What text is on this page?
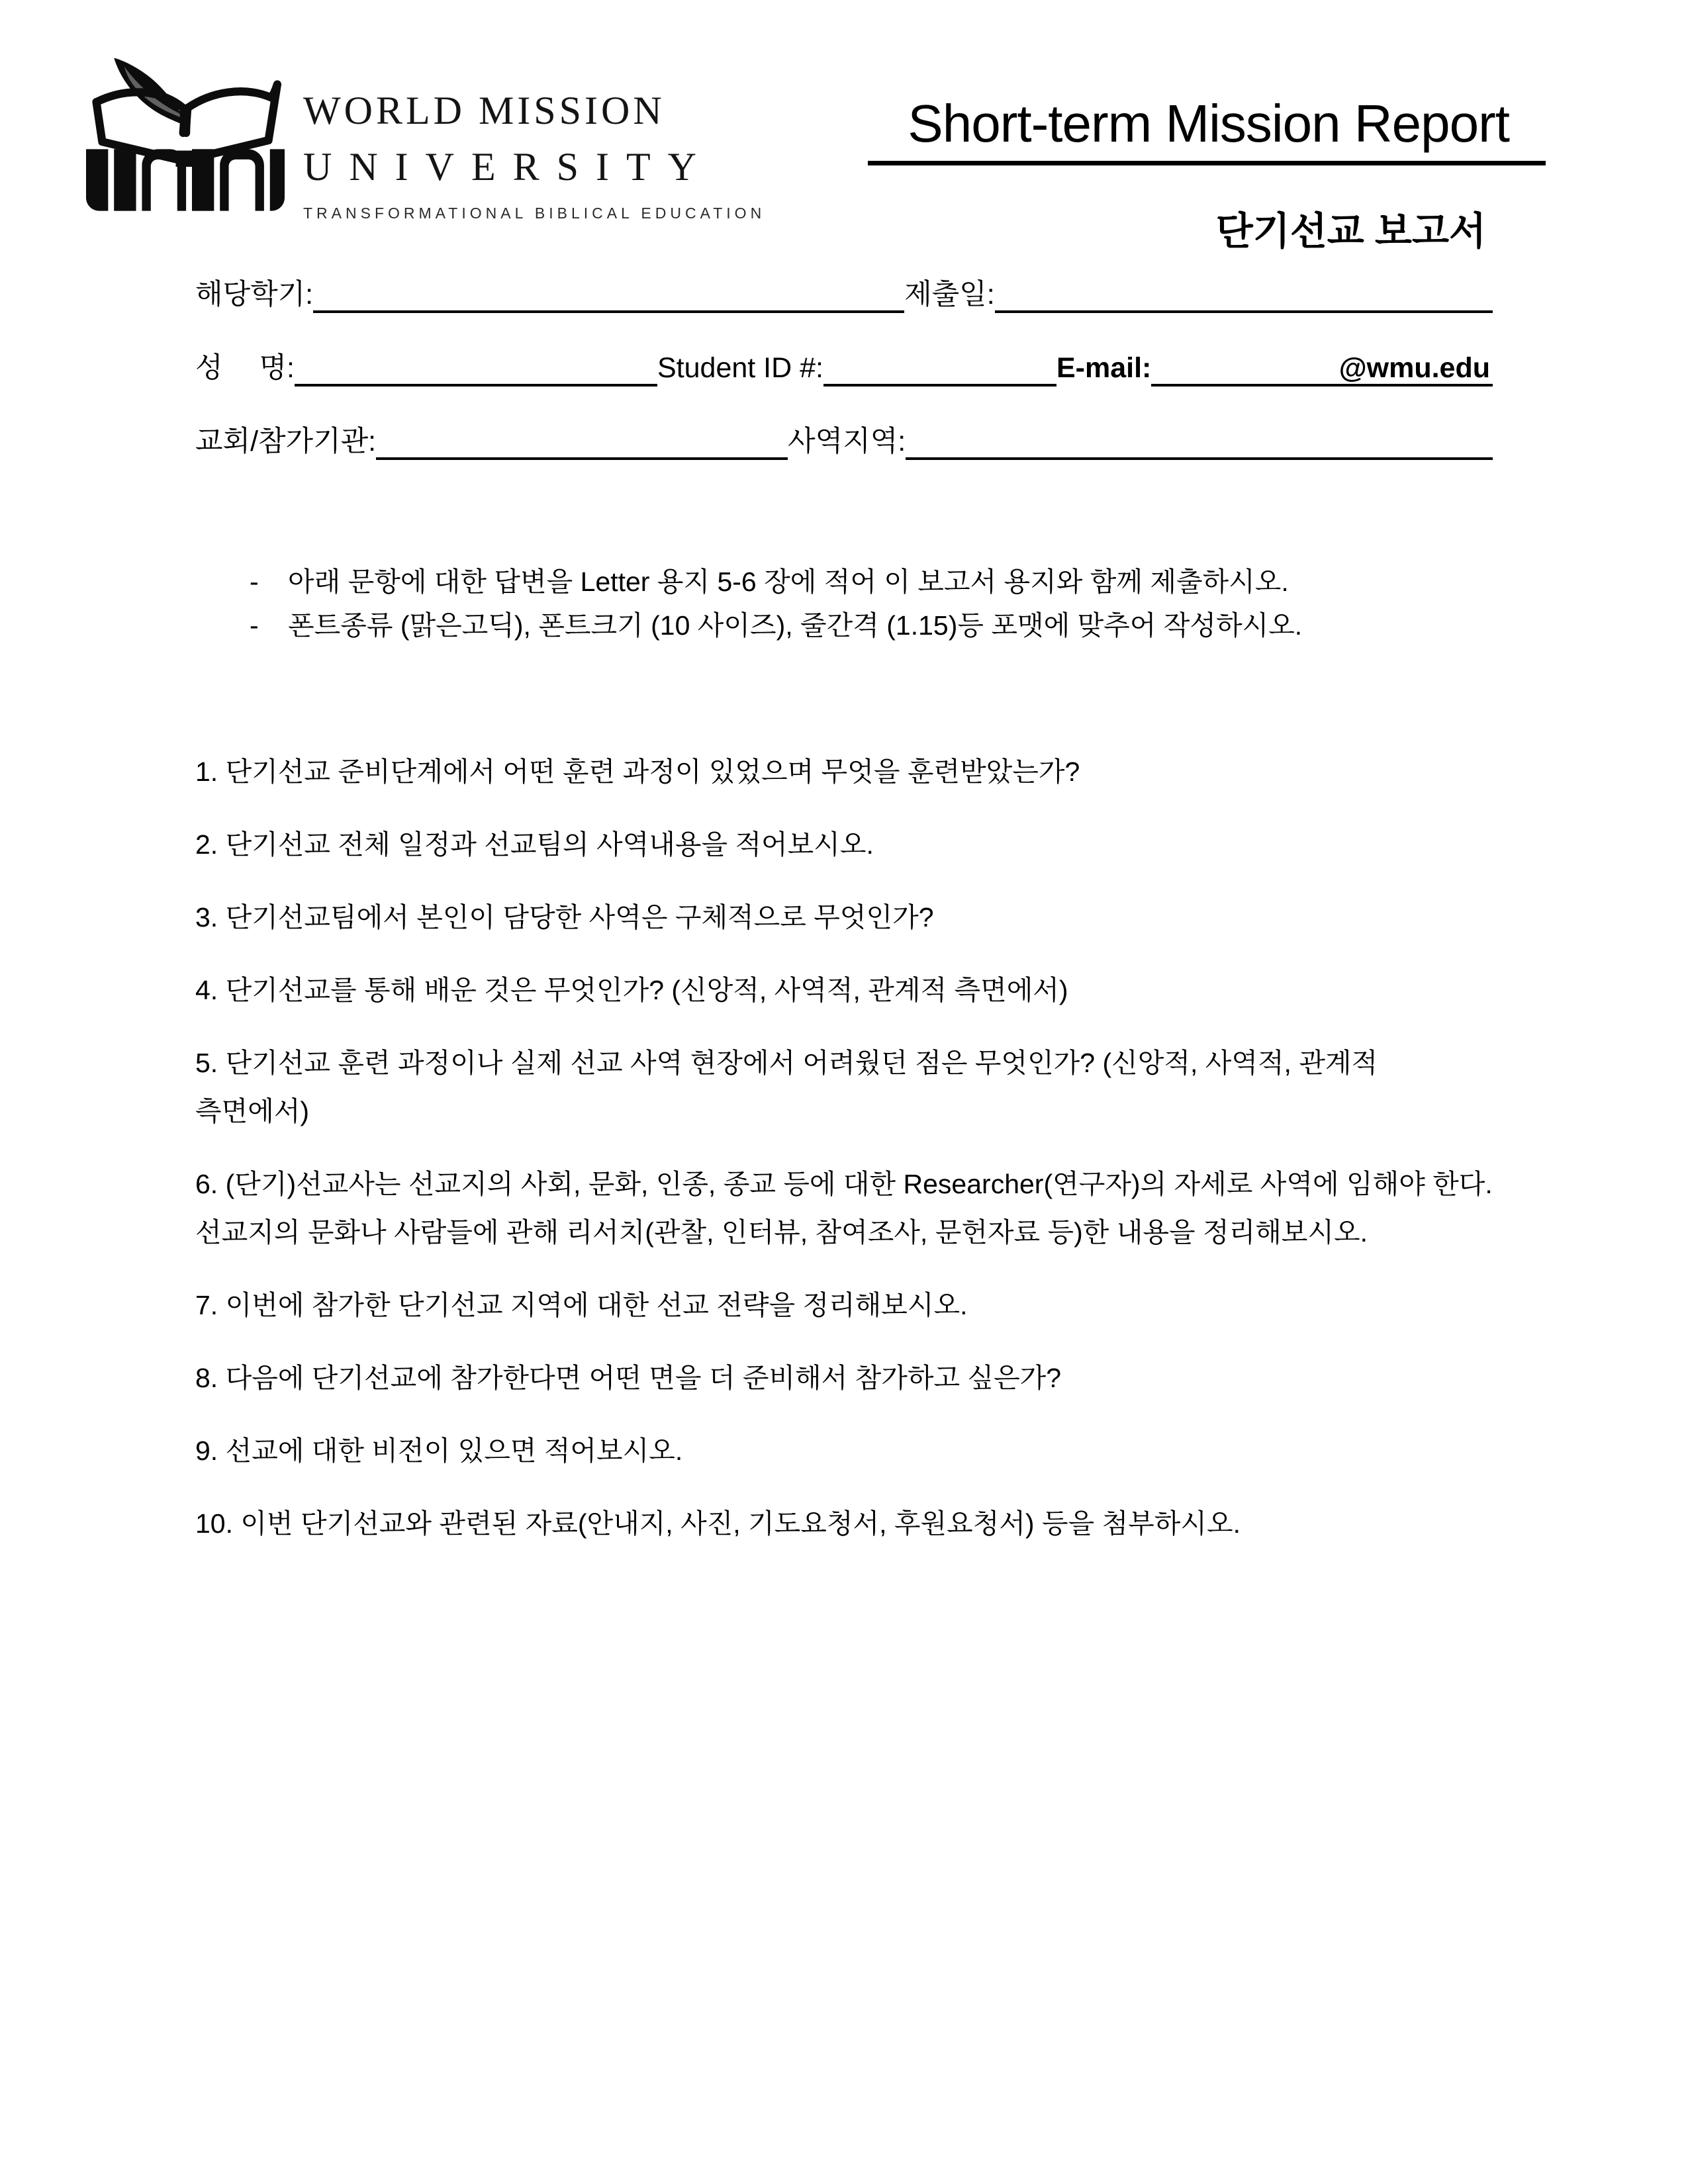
WORLD MISSION
UNIVERSITY
TRANSFORMATIONAL BIBLICAL EDUCATION
Short-term Mission Report
단기선교 보고서
해당학기:	제출일:
성　 명:	Student ID #:	E-mail:	@wmu.edu
교회/참가기관:	사역지역:
-	아래 문항에 대한 답변을 Letter 용지 5-6 장에 적어 이 보고서 용지와 함께 제출하시오.
-	폰트종류 (맑은고딕), 폰트크기 (10 사이즈), 줄간격 (1.15)등 포맷에 맞추어 작성하시오.

1. 단기선교 준비단계에서 어떤 훈련 과정이 있었으며 무엇을 훈련받았는가?

2. 단기선교 전체 일정과 선교팀의 사역내용을 적어보시오.

3. 단기선교팀에서 본인이 담당한 사역은 구체적으로 무엇인가?

4. 단기선교를 통해 배운 것은 무엇인가? (신앙적, 사역적, 관계적 측면에서)

5. 단기선교 훈련 과정이나 실제 선교 사역 현장에서 어려웠던 점은 무엇인가? (신앙적, 사역적, 관계적 측면에서)

6. (단기)선교사는 선교지의 사회, 문화, 인종, 종교 등에 대한 Researcher(연구자)의 자세로 사역에 임해야 한다. 선교지의 문화나 사람들에 관해 리서치(관찰, 인터뷰, 참여조사, 문헌자료 등)한 내용을 정리해보시오.

7. 이번에 참가한 단기선교 지역에 대한 선교 전략을 정리해보시오.

8. 다음에 단기선교에 참가한다면 어떤 면을 더 준비해서 참가하고 싶은가?

9. 선교에 대한 비전이 있으면 적어보시오.

10. 이번 단기선교와 관련된 자료(안내지, 사진, 기도요청서, 후원요청서) 등을 첨부하시오.
